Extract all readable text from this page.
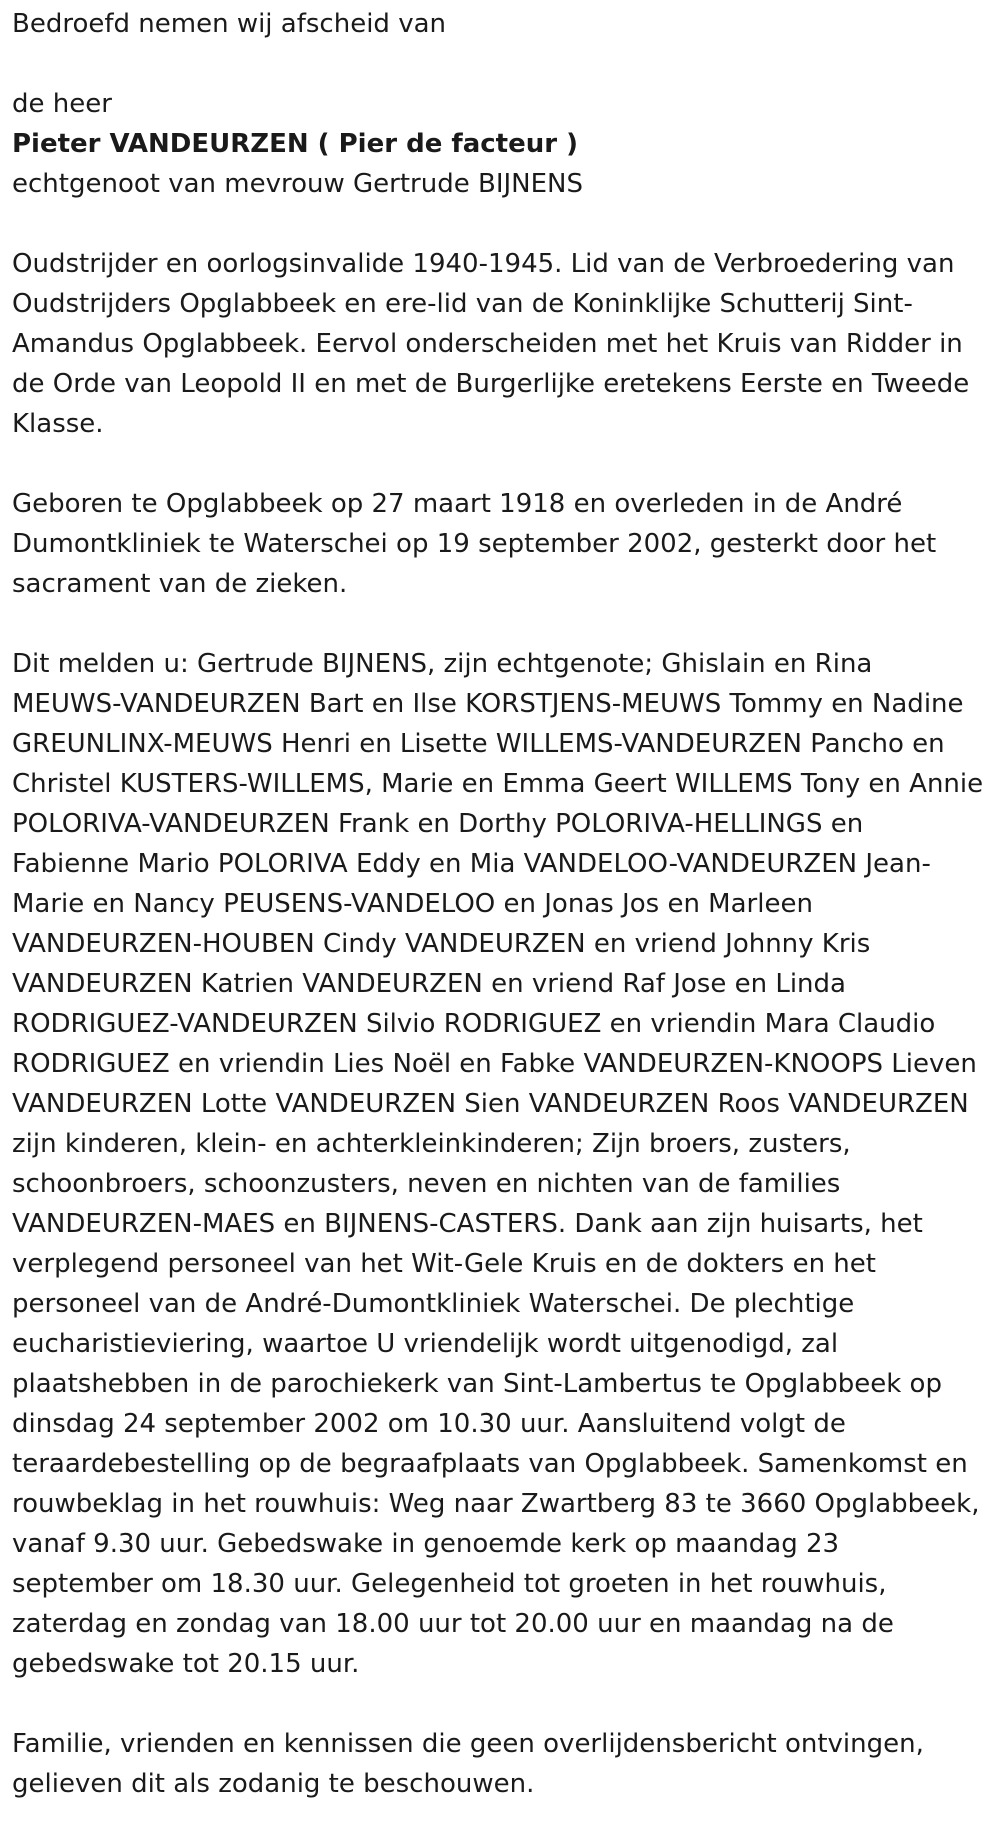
Bedroefd nemen wij afscheid van

de heer

Pieter VANDEURZEN ( Pier de facteur )

echtgenoot van mevrouw Gertrude BIJNENS

Oudstrijder en oorlogsinvalide 1940-1945. Lid van de Verbroedering van Oudstrijders Opglabbeek en ere-lid van de Koninklijke Schutterij Sint-Amandus Opglabbeek. Eervol onderscheiden met het Kruis van Ridder in de Orde van Leopold II en met de Burgerlijke eretekens Eerste en Tweede Klasse.

Geboren te Opglabbeek op 27 maart 1918 en overleden in de André Dumontkliniek te Waterschei op 19 september 2002, gesterkt door het sacrament van de zieken.

Dit melden u: Gertrude BIJNENS, zijn echtgenote; Ghislain en Rina MEUWS-VANDEURZEN Bart en Ilse KORSTJENS-MEUWS Tommy en Nadine GREUNLINX-MEUWS Henri en Lisette WILLEMS-VANDEURZEN Pancho en Christel KUSTERS-WILLEMS, Marie en Emma Geert WILLEMS Tony en Annie POLORIVA-VANDEURZEN Frank en Dorthy POLORIVA-HELLINGS en Fabienne Mario POLORIVA Eddy en Mia VANDELOO-VANDEURZEN Jean-Marie en Nancy PEUSENS-VANDELOO en Jonas Jos en Marleen VANDEURZEN-HOUBEN Cindy VANDEURZEN en vriend Johnny Kris VANDEURZEN Katrien VANDEURZEN en vriend Raf Jose en Linda RODRIGUEZ-VANDEURZEN Silvio RODRIGUEZ en vriendin Mara Claudio RODRIGUEZ en vriendin Lies Noël en Fabke VANDEURZEN-KNOOPS Lieven VANDEURZEN Lotte VANDEURZEN Sien VANDEURZEN Roos VANDEURZEN zijn kinderen, klein- en achterkleinkinderen; Zijn broers, zusters, schoonbroers, schoonzusters, neven en nichten van de families VANDEURZEN-MAES en BIJNENS-CASTERS. Dank aan zijn huisarts, het verplegend personeel van het Wit-Gele Kruis en de dokters en het personeel van de André-Dumontkliniek Waterschei. De plechtige eucharistieviering, waartoe U vriendelijk wordt uitgenodigd, zal plaatshebben in de parochiekerk van Sint-Lambertus te Opglabbeek op dinsdag 24 september 2002 om 10.30 uur. Aansluitend volgt de teraardebestelling op de begraafplaats van Opglabbeek. Samenkomst en rouwbeklag in het rouwhuis: Weg naar Zwartberg 83 te 3660 Opglabbeek, vanaf 9.30 uur. Gebedswake in genoemde kerk op maandag 23 september om 18.30 uur. Gelegenheid tot groeten in het rouwhuis, zaterdag en zondag van 18.00 uur tot 20.00 uur en maandag na de gebedswake tot 20.15 uur.

Familie, vrienden en kennissen die geen overlijdensbericht ontvingen, gelieven dit als zodanig te beschouwen.
